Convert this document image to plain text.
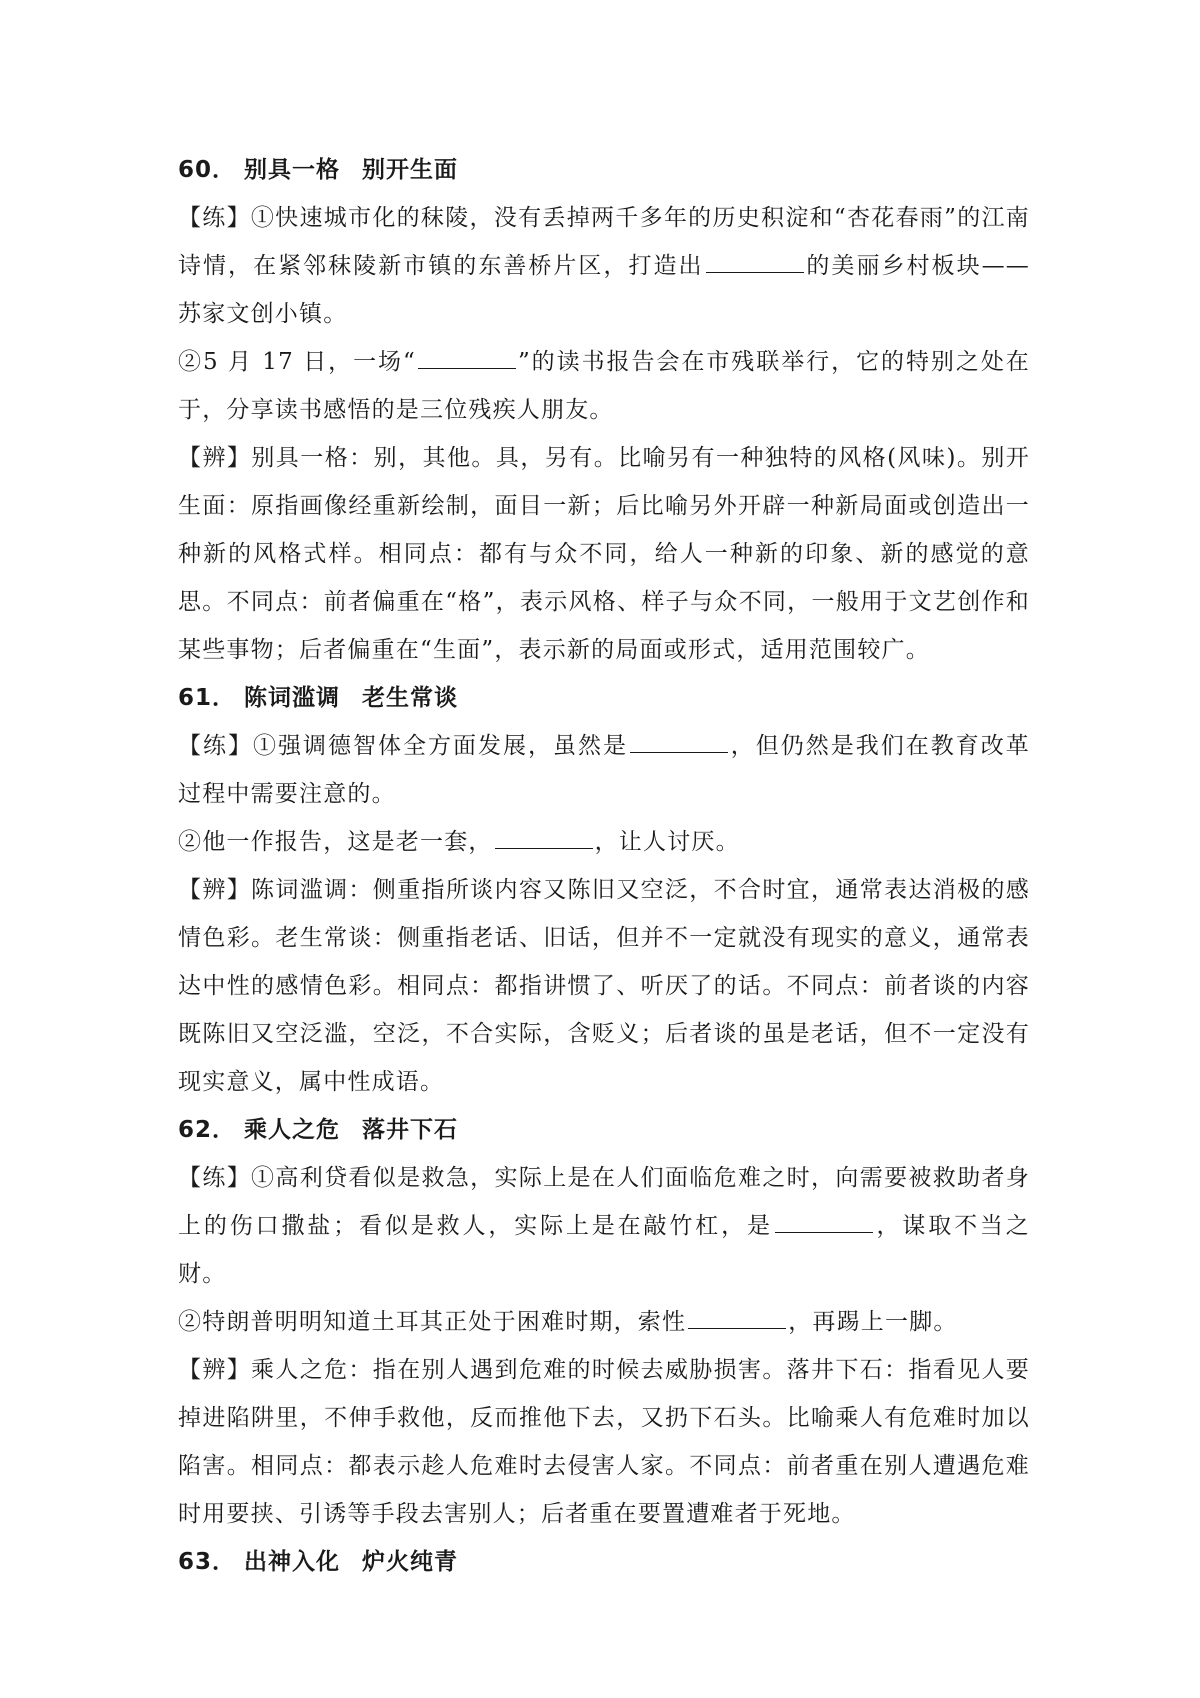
60． 别具一格 别开生面

【练】①快速城市化的秣陵，没有丢掉两千多年的历史积淀和“杏花春雨”的江南诗情，在紧邻秣陵新市镇的东善桥片区，打造出	的美丽乡村板块——苏家文创小镇。

②5 月 17 日，一场“	”的读书报告会在市残联举行，它的特别之处在于，分享读书感悟的是三位残疾人朋友。

【辨】别具一格：别，其他。具，另有。比喻另有一种独特的风格(风味)。别开生面：原指画像经重新绘制，面目一新；后比喻另外开辟一种新局面或创造出一种新的风格式样。相同点：都有与众不同，给人一种新的印象、新的感觉的意思。不同点：前者偏重在“格”，表示风格、样子与众不同，一般用于文艺创作和某些事物；后者偏重在“生面”，表示新的局面或形式，适用范围较广。

61． 陈词滥调 老生常谈

【练】①强调德智体全方面发展，虽然是	，但仍然是我们在教育改革过程中需要注意的。

②他一作报告，这是老一套，	，让人讨厌。

【辨】陈词滥调：侧重指所谈内容又陈旧又空泛，不合时宜，通常表达消极的感情色彩。老生常谈：侧重指老话、旧话，但并不一定就没有现实的意义，通常表达中性的感情色彩。相同点：都指讲惯了、听厌了的话。不同点：前者谈的内容既陈旧又空泛滥，空泛，不合实际，含贬义；后者谈的虽是老话，但不一定没有现实意义，属中性成语。

62． 乘人之危 落井下石

【练】①高利贷看似是救急，实际上是在人们面临危难之时，向需要被救助者身上的伤口撒盐；看似是救人，实际上是在敲竹杠，是	，谋取不当之财。

②特朗普明明知道土耳其正处于困难时期，索性	，再踢上一脚。

【辨】乘人之危：指在别人遇到危难的时候去威胁损害。落井下石：指看见人要掉进陷阱里，不伸手救他，反而推他下去，又扔下石头。比喻乘人有危难时加以陷害。相同点：都表示趁人危难时去侵害人家。不同点：前者重在别人遭遇危难时用要挟、引诱等手段去害别人；后者重在要置遭难者于死地。

63． 出神入化 炉火纯青
